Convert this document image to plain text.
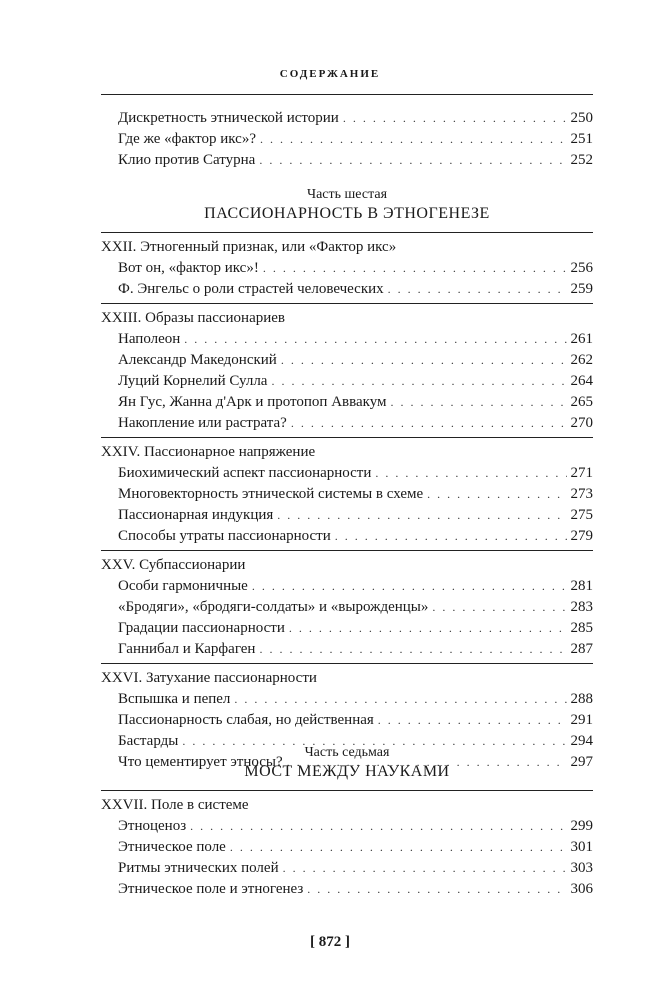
СОДЕРЖАНИЕ
Дискретность этнической истории . . .	250
Где же «фактор икс»? . . .	251
Клио против Сатурна . . .	252
Часть шестая
ПАССИОНАРНОСТЬ В ЭТНОГЕНЕЗЕ
XXII. Этногенный признак, или «Фактор икс»
Вот он, «фактор икс»! . . .	256
Ф. Энгельс о роли страстей человеческих . . .	259
XXIII. Образы пассионариев
Наполеон . . .	261
Александр Македонский . . .	262
Луций Корнелий Сулла . . .	264
Ян Гус, Жанна д'Арк и протопоп Аввакум . . .	265
Накопление или растрата? . . .	270
XXIV. Пассионарное напряжение
Биохимический аспект пассионарности . . .	271
Многовекторность этнической системы в схеме . . .	273
Пассионарная индукция . . .	275
Способы утраты пассионарности . . .	279
XXV. Субпассионарии
Особи гармоничные . . .	281
«Бродяги», «бродяги-солдаты» и «вырожденцы» . . .	283
Градации пассионарности . . .	285
Ганнибал и Карфаген . . .	287
XXVI. Затухание пассионарности
Вспышка и пепел . . .	288
Пассионарность слабая, но действенная . . .	291
Бастарды . . .	294
Что цементирует этносы? . . .	297
Часть седьмая
МОСТ МЕЖДУ НАУКАМИ
XXVII. Поле в системе
Этноценоз . . .	299
Этническое поле . . .	301
Ритмы этнических полей . . .	303
Этническое поле и этногенез . . .	306
[ 872 ]
